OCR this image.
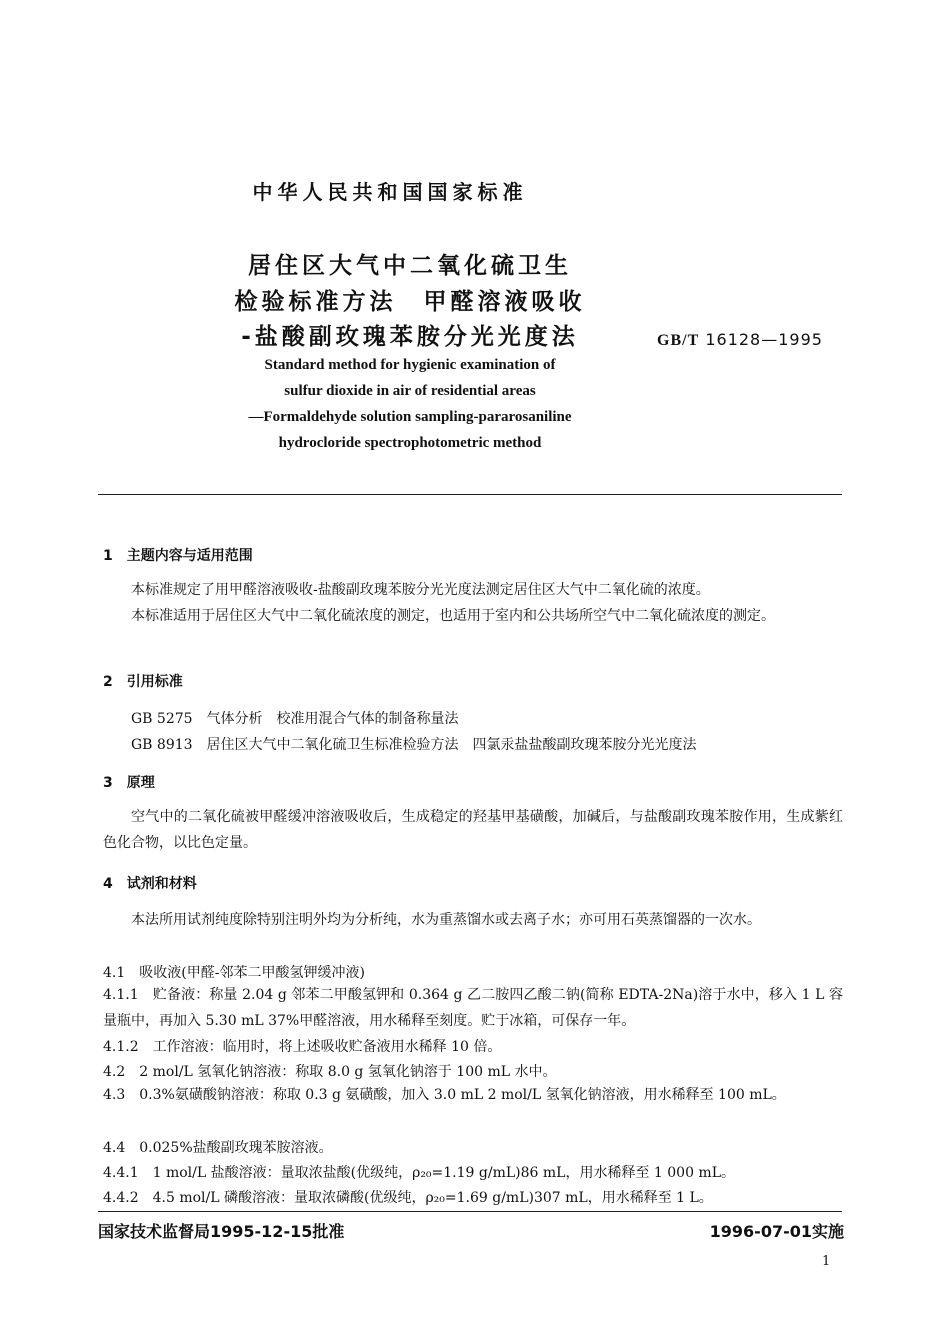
中华人民共和国国家标准
居住区大气中二氧化硫卫生
检验标准方法　甲醛溶液吸收
-盐酸副玫瑰苯胺分光光度法	GB/T 16128—1995
Standard method for hygienic examination of
sulfur dioxide in air of residential areas
—Formaldehyde solution sampling-pararosaniline
hydrocloride spectrophotometric method
1　主题内容与适用范围
本标准规定了用甲醛溶液吸收-盐酸副玫瑰苯胺分光光度法测定居住区大气中二氧化硫的浓度。
本标准适用于居住区大气中二氧化硫浓度的测定，也适用于室内和公共场所空气中二氧化硫浓度的测定。
2　引用标准
GB 5275　气体分析　校准用混合气体的制备称量法
GB 8913　居住区大气中二氧化硫卫生标准检验方法　四氯汞盐盐酸副玫瑰苯胺分光光度法
3　原理
空气中的二氧化硫被甲醛缓冲溶液吸收后，生成稳定的羟基甲基磺酸，加碱后，与盐酸副玫瑰苯胺作用，生成紫红色化合物，以比色定量。
4　试剂和材料
本法所用试剂纯度除特别注明外均为分析纯，水为重蒸馏水或去离子水；亦可用石英蒸馏器的一次水。
4.1　吸收液(甲醛-邻苯二甲酸氢钾缓冲液)
4.1.1　贮备液：称量 2.04 g 邻苯二甲酸氢钾和 0.364 g 乙二胺四乙酸二钠(简称 EDTA-2Na)溶于水中，移入 1 L 容量瓶中，再加入 5.30 mL 37%甲醛溶液，用水稀释至刻度。贮于冰箱，可保存一年。
4.1.2　工作溶液：临用时，将上述吸收贮备液用水稀释 10 倍。
4.2　2 mol/L 氢氧化钠溶液：称取 8.0 g 氢氧化钠溶于 100 mL 水中。
4.3　0.3%氨磺酸钠溶液：称取 0.3 g 氨磺酸，加入 3.0 mL 2 mol/L 氢氧化钠溶液，用水稀释至 100 mL。
4.4　0.025%盐酸副玫瑰苯胺溶液。
4.4.1　1 mol/L 盐酸溶液：量取浓盐酸(优级纯，ρ₂₀=1.19 g/mL)86 mL，用水稀释至 1 000 mL。
4.4.2　4.5 mol/L 磷酸溶液：量取浓磷酸(优级纯，ρ₂₀=1.69 g/mL)307 mL，用水稀释至 1 L。
国家技术监督局1995-12-15批准	1996-07-01实施
1
